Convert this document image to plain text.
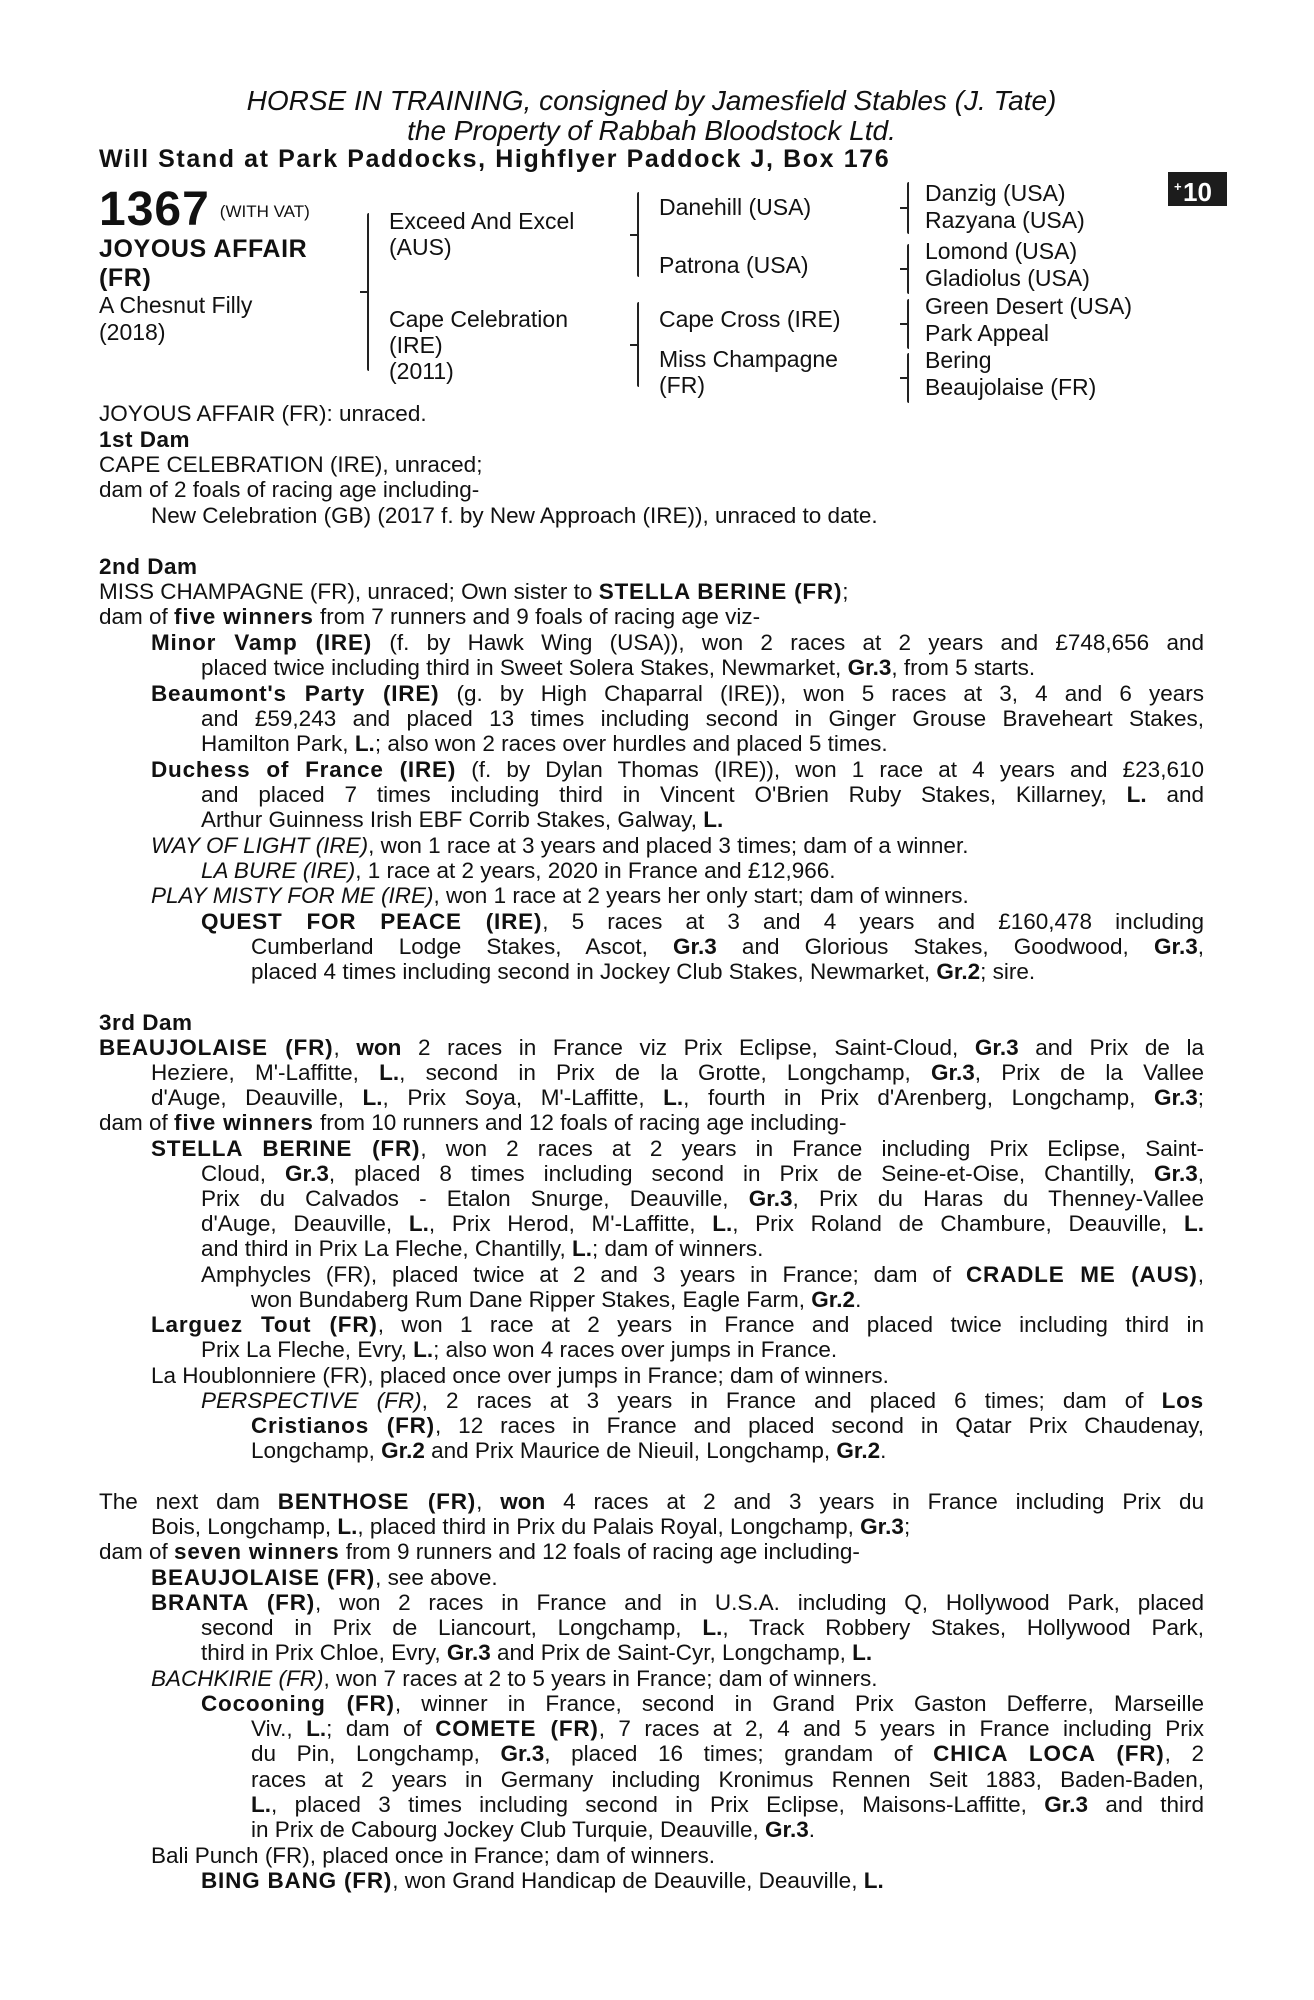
HORSE IN TRAINING, consigned by Jamesfield Stables (J. Tate)
the Property of Rabbah Bloodstock Ltd.
Will Stand at Park Paddocks, Highflyer Paddock J, Box 176
1367 $^{(WITH VAT)}$
JOYOUS AFFAIR
(FR)
A Chesnut Filly
(2018)
Exceed And Excel
(AUS)
Cape Celebration
(IRE)
(2011)
Danehill (USA)
Patrona (USA)
Cape Cross (IRE)
Miss Champagne
(FR)
Danzig (USA)
Razyana (USA)
Lomond (USA)
Gladiolus (USA)
Green Desert (USA)
Park Appeal
Bering
Beaujolaise (FR)
JOYOUS AFFAIR (FR): unraced.
1st Dam
CAPE CELEBRATION (IRE), unraced;
dam of 2 foals of racing age including-
New Celebration (GB) (2017 f. by New Approach (IRE)), unraced to date.
2nd Dam
MISS CHAMPAGNE (FR), unraced; Own sister to STELLA BERINE (FR);
dam of five winners from 7 runners and 9 foals of racing age viz-
Minor Vamp (IRE) (f. by Hawk Wing (USA)), won 2 races at 2 years and £748,656 and
placed twice including third in Sweet Solera Stakes, Newmarket, Gr.3, from 5 starts.
Beaumont's Party (IRE) (g. by High Chaparral (IRE)), won 5 races at 3, 4 and 6 years
and £59,243 and placed 13 times including second in Ginger Grouse Braveheart Stakes,
Hamilton Park, L.; also won 2 races over hurdles and placed 5 times.
Duchess of France (IRE) (f. by Dylan Thomas (IRE)), won 1 race at 4 years and £23,610
and placed 7 times including third in Vincent O'Brien Ruby Stakes, Killarney, L. and
Arthur Guinness Irish EBF Corrib Stakes, Galway, L.
WAY OF LIGHT (IRE), won 1 race at 3 years and placed 3 times; dam of a winner.
LA BURE (IRE), 1 race at 2 years, 2020 in France and £12,966.
PLAY MISTY FOR ME (IRE), won 1 race at 2 years her only start; dam of winners.
QUEST FOR PEACE (IRE), 5 races at 3 and 4 years and £160,478 including
Cumberland Lodge Stakes, Ascot, Gr.3 and Glorious Stakes, Goodwood, Gr.3,
placed 4 times including second in Jockey Club Stakes, Newmarket, Gr.2; sire.
3rd Dam
BEAUJOLAISE (FR), won 2 races in France viz Prix Eclipse, Saint-Cloud, Gr.3 and Prix de la
Heziere, M'-Laffitte, L., second in Prix de la Grotte, Longchamp, Gr.3, Prix de la Vallee
d'Auge, Deauville, L., Prix Soya, M'-Laffitte, L., fourth in Prix d'Arenberg, Longchamp, Gr.3;
dam of five winners from 10 runners and 12 foals of racing age including-
STELLA BERINE (FR), won 2 races at 2 years in France including Prix Eclipse, Saint-
Cloud, Gr.3, placed 8 times including second in Prix de Seine-et-Oise, Chantilly, Gr.3,
Prix du Calvados - Etalon Snurge, Deauville, Gr.3, Prix du Haras du Thenney-Vallee
d'Auge, Deauville, L., Prix Herod, M'-Laffitte, L., Prix Roland de Chambure, Deauville, L.
and third in Prix La Fleche, Chantilly, L.; dam of winners.
Amphycles (FR), placed twice at 2 and 3 years in France; dam of CRADLE ME (AUS),
won Bundaberg Rum Dane Ripper Stakes, Eagle Farm, Gr.2.
Larguez Tout (FR), won 1 race at 2 years in France and placed twice including third in
Prix La Fleche, Evry, L.; also won 4 races over jumps in France.
La Houblonniere (FR), placed once over jumps in France; dam of winners.
PERSPECTIVE (FR), 2 races at 3 years in France and placed 6 times; dam of Los
Cristianos (FR), 12 races in France and placed second in Qatar Prix Chaudenay,
Longchamp, Gr.2 and Prix Maurice de Nieuil, Longchamp, Gr.2.
The next dam BENTHOSE (FR), won 4 races at 2 and 3 years in France including Prix du
Bois, Longchamp, L., placed third in Prix du Palais Royal, Longchamp, Gr.3;
dam of seven winners from 9 runners and 12 foals of racing age including-
BEAUJOLAISE (FR), see above.
BRANTA (FR), won 2 races in France and in U.S.A. including Q, Hollywood Park, placed
second in Prix de Liancourt, Longchamp, L., Track Robbery Stakes, Hollywood Park,
third in Prix Chloe, Evry, Gr.3 and Prix de Saint-Cyr, Longchamp, L.
BACHKIRIE (FR), won 7 races at 2 to 5 years in France; dam of winners.
Cocooning (FR), winner in France, second in Grand Prix Gaston Defferre, Marseille
Viv., L.; dam of COMETE (FR), 7 races at 2, 4 and 5 years in France including Prix
du Pin, Longchamp, Gr.3, placed 16 times; grandam of CHICA LOCA (FR), 2
races at 2 years in Germany including Kronimus Rennen Seit 1883, Baden-Baden,
L., placed 3 times including second in Prix Eclipse, Maisons-Laffitte, Gr.3 and third
in Prix de Cabourg Jockey Club Turquie, Deauville, Gr.3.
Bali Punch (FR), placed once in France; dam of winners.
BING BANG (FR), won Grand Handicap de Deauville, Deauville, L.
+ 10
